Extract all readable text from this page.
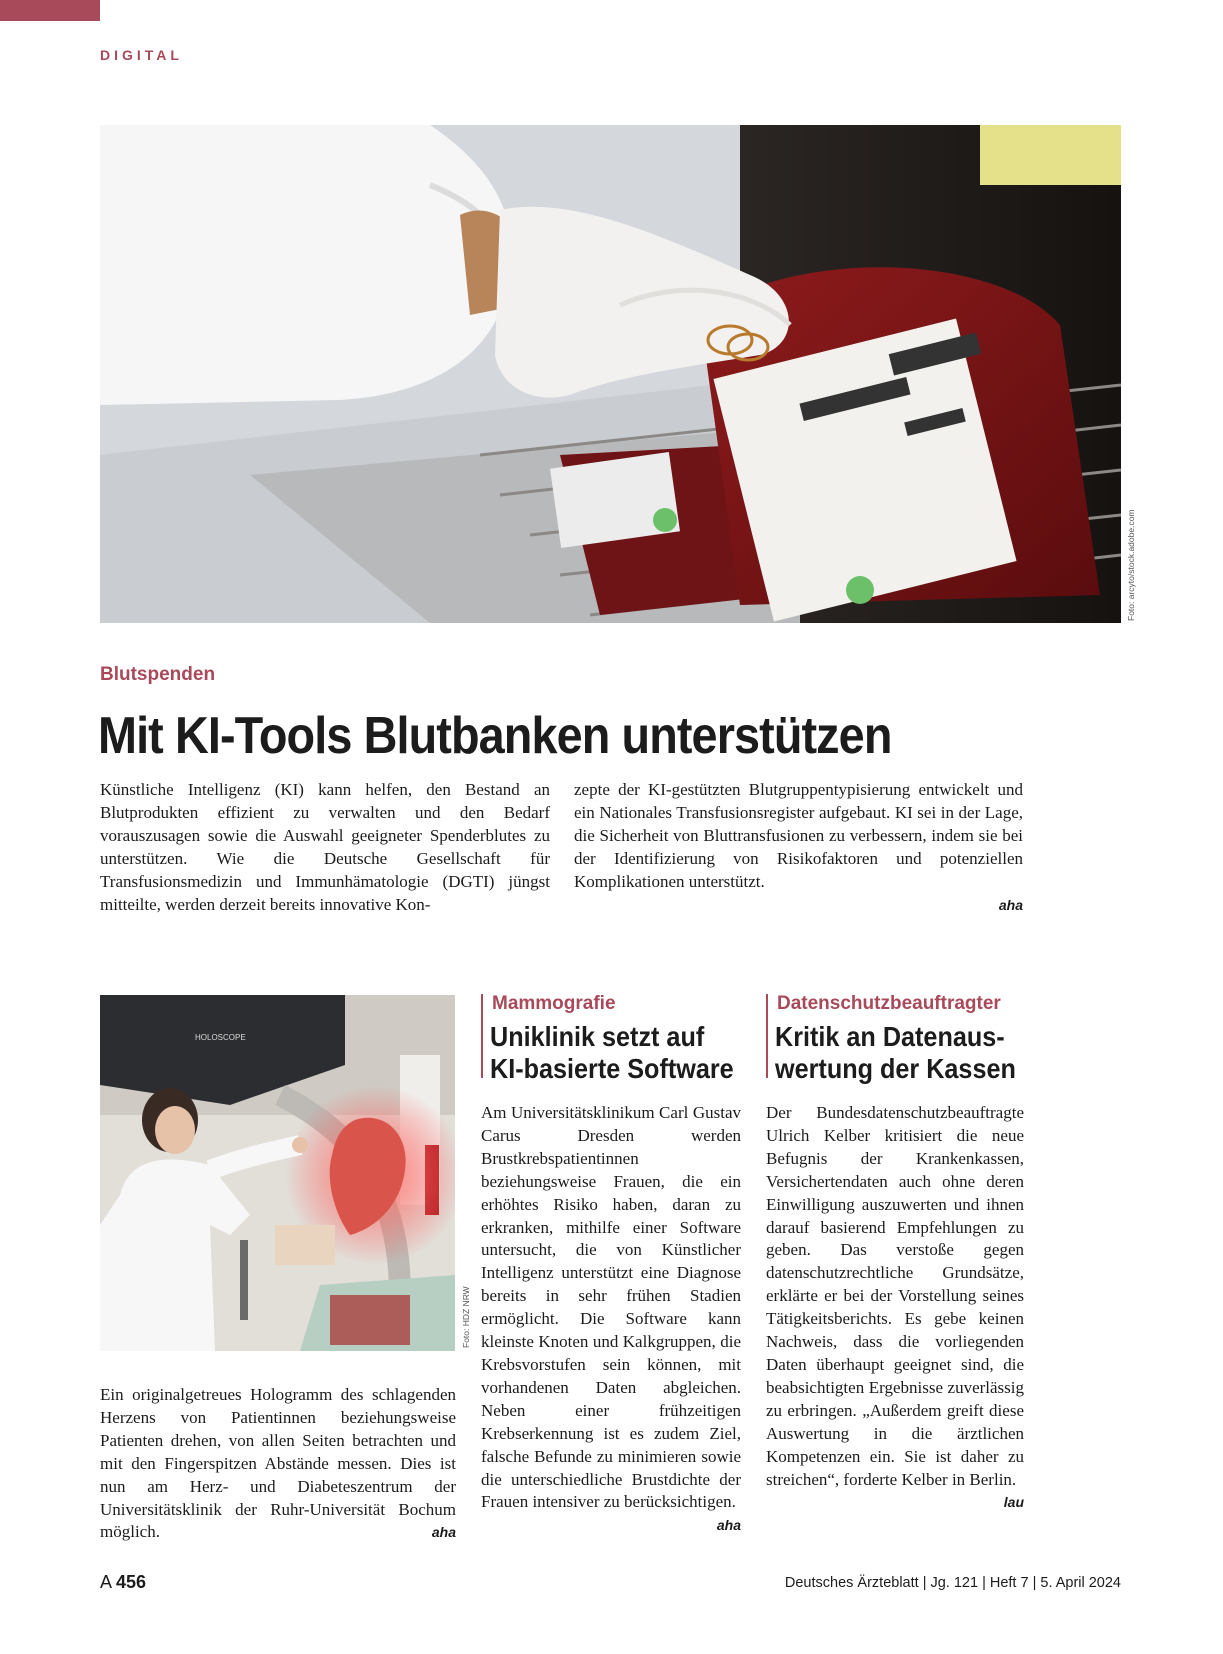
DIGITAL
Foto: arcyto/stock.adobe.com
Blutspenden
Mit KI-Tools Blutbanken unterstützen

Künstliche Intelligenz (KI) kann helfen, den Bestand an Blutprodukten effizient zu verwalten und den Bedarf vorauszusagen sowie die Auswahl geeigneter Spenderblutes zu unterstützen. Wie die Deutsche Gesellschaft für Transfusionsmedizin und Immunhämatologie (DGTI) jüngst mitteilte, werden derzeit bereits innovative Kon-

zepte der KI-gestützten Blutgruppentypisierung entwickelt und ein Nationales Transfusionsregister aufgebaut. KI sei in der Lage, die Sicherheit von Bluttransfusionen zu verbessern, indem sie bei der Identifizierung von Risikofaktoren und potenziellen Komplikationen unterstützt.

aha

HOLOSCOPE
Foto: HDZ NRW

Ein originalgetreues Hologramm des schlagenden Herzens von Patientinnen beziehungsweise Patienten drehen, von allen Seiten betrachten und mit den Fingerspitzen Abstände messen. Dies ist nun am Herz- und Diabeteszentrum der Universitätsklinik der Ruhr-Universität Bochum möglich.	aha

Mammografie
Uniklinik setzt auf
KI-basierte Software

Am Universitätsklinikum Carl Gustav Carus Dresden werden Brustkrebspatientinnen beziehungsweise Frauen, die ein erhöhtes Risiko haben, daran zu erkranken, mithilfe einer Software untersucht, die von Künstlicher Intelligenz unterstützt eine Diagnose bereits in sehr frühen Stadien ermöglicht. Die Software kann kleinste Knoten und Kalkgruppen, die Krebsvorstufen sein können, mit vorhandenen Daten abgleichen. Neben einer frühzeitigen Krebserkennung ist es zudem Ziel, falsche Befunde zu minimieren sowie die unterschiedliche Brustdichte der Frauen intensiver zu berücksichtigen.
aha

Datenschutzbeauftragter
Kritik an Datenaus-
wertung der Kassen

Der Bundesdatenschutzbeauftragte Ulrich Kelber kritisiert die neue Befugnis der Krankenkassen, Versichertendaten auch ohne deren Einwilligung auszuwerten und ihnen darauf basierend Empfehlungen zu geben. Das verstoße gegen datenschutzrechtliche Grundsätze, erklärte er bei der Vorstellung seines Tätigkeitsberichts. Es gebe keinen Nachweis, dass die vorliegenden Daten überhaupt geeignet sind, die beabsichtigten Ergebnisse zuverlässig zu erbringen. „Außerdem greift diese Auswertung in die ärztlichen Kompetenzen ein. Sie ist daher zu streichen“, forderte Kelber in Berlin.
lau

A 456	Deutsches Ärzteblatt | Jg. 121 | Heft 7 | 5. April 2024
